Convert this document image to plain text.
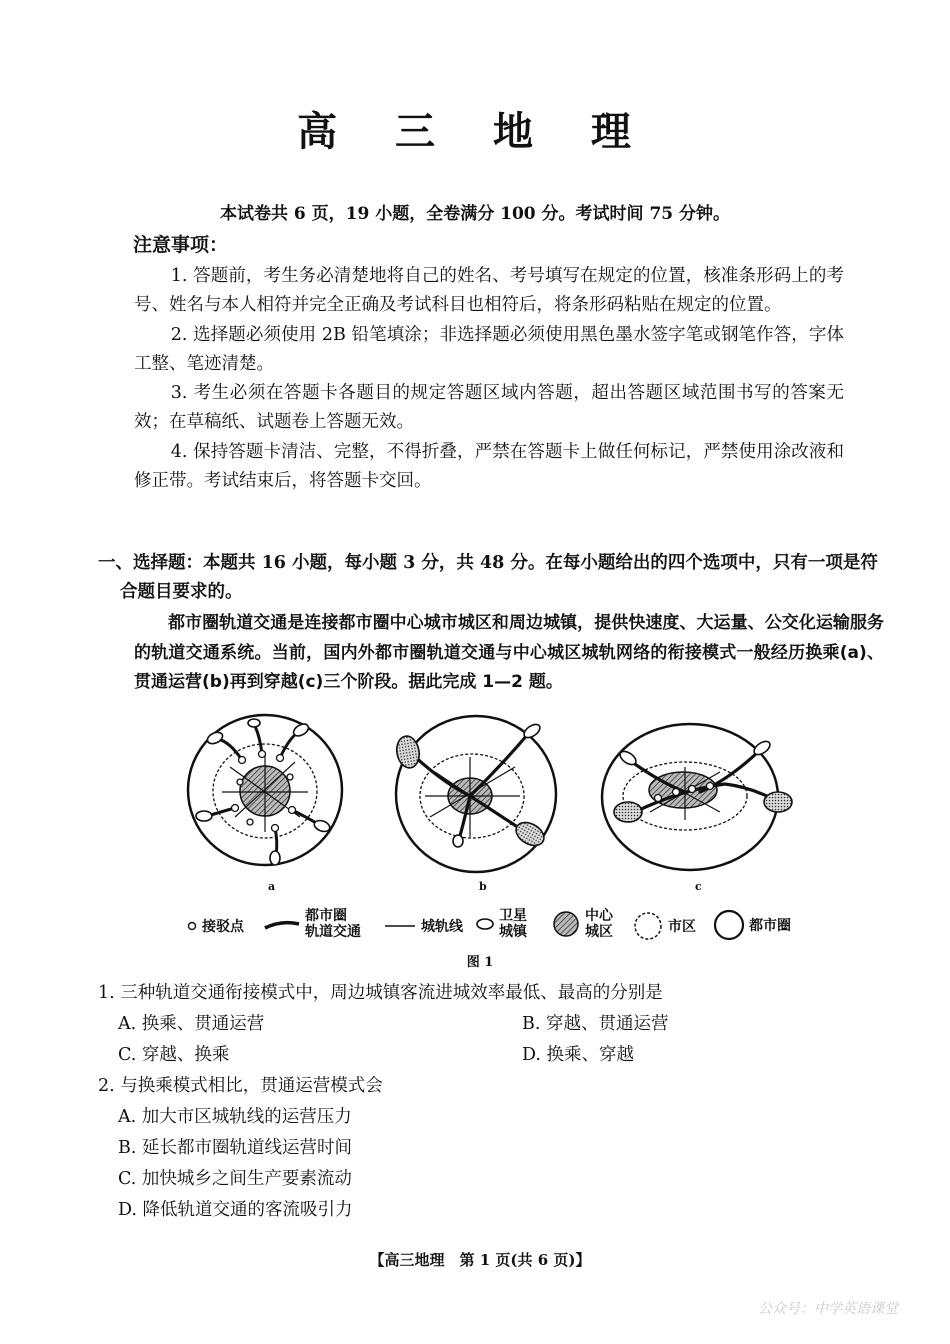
高 三 地 理
本试卷共 6 页，19 小题，全卷满分 100 分。考试时间 75 分钟。
注意事项：

1. 答题前，考生务必清楚地将自己的姓名、考号填写在规定的位置，核准条形码上的考号、姓名与本人相符并完全正确及考试科目也相符后，将条形码粘贴在规定的位置。

2. 选择题必须使用 2B 铅笔填涂；非选择题必须使用黑色墨水签字笔或钢笔作答，字体工整、笔迹清楚。

3. 考生必须在答题卡各题目的规定答题区域内答题，超出答题区域范围书写的答案无效；在草稿纸、试题卷上答题无效。

4. 保持答题卡清洁、完整，不得折叠，严禁在答题卡上做任何标记，严禁使用涂改液和修正带。考试结束后，将答题卡交回。

一、选择题：本题共 16 小题，每小题 3 分，共 48 分。在每小题给出的四个选项中，只有一项是符
合题目要求的。

都市圈轨道交通是连接都市圈中心城市城区和周边城镇，提供快速度、大运量、公交化运输服务的轨道交通系统。当前，国内外都市圈轨道交通与中心城区城轨网络的衔接模式一般经历换乘(a)、贯通运营(b)再到穿越(c)三个阶段。据此完成 1—2 题。

a	b	c
接驳点
都市圈
轨道交通	城轨线
卫星
城镇
中心
城区	市区	都市圈
图 1
1. 三种轨道交通衔接模式中，周边城镇客流进城效率最低、最高的分别是
A. 换乘、贯通运营	B. 穿越、贯通运营
C. 穿越、换乘	D. 换乘、穿越
2. 与换乘模式相比，贯通运营模式会
A. 加大市区城轨线的运营压力
B. 延长都市圈轨道线运营时间
C. 加快城乡之间生产要素流动
D. 降低轨道交通的客流吸引力
【高三地理　第 1 页(共 6 页)】
公众号：中学英语课堂
